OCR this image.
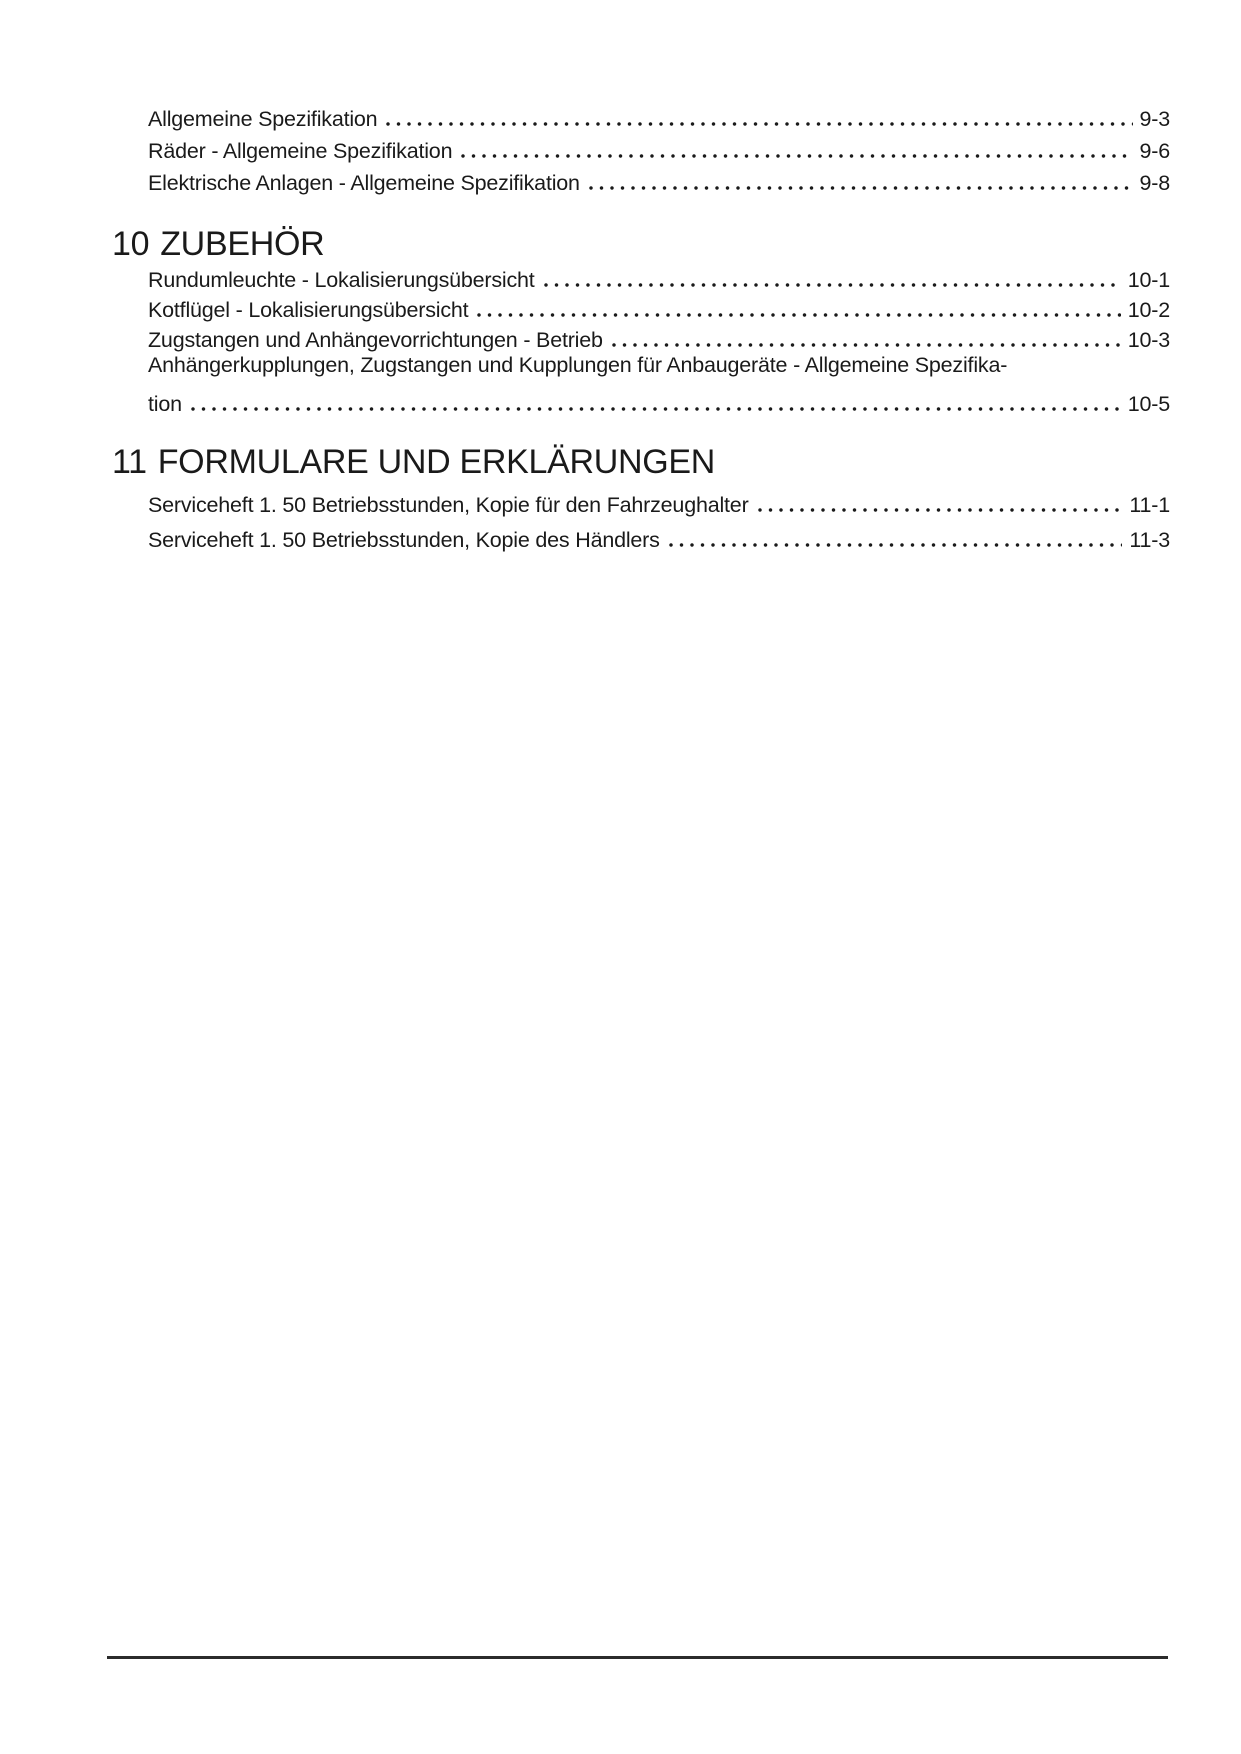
Allgemeine Spezifikation	9-3
Räder - Allgemeine Spezifikation	9-6
Elektrische Anlagen - Allgemeine Spezifikation	9-8
10 ZUBEHÖR
Rundumleuchte - Lokalisierungsübersicht	10-1
Kotflügel - Lokalisierungsübersicht	10-2
Zugstangen und Anhängevorrichtungen - Betrieb	10-3
Anhängerkupplungen, Zugstangen und Kupplungen für Anbaugeräte - Allgemeine Spezifika-
tion	10-5
11 FORMULARE UND ERKLÄRUNGEN
Serviceheft 1. 50 Betriebsstunden, Kopie für den Fahrzeughalter	11-1
Serviceheft 1. 50 Betriebsstunden, Kopie des Händlers	11-3
